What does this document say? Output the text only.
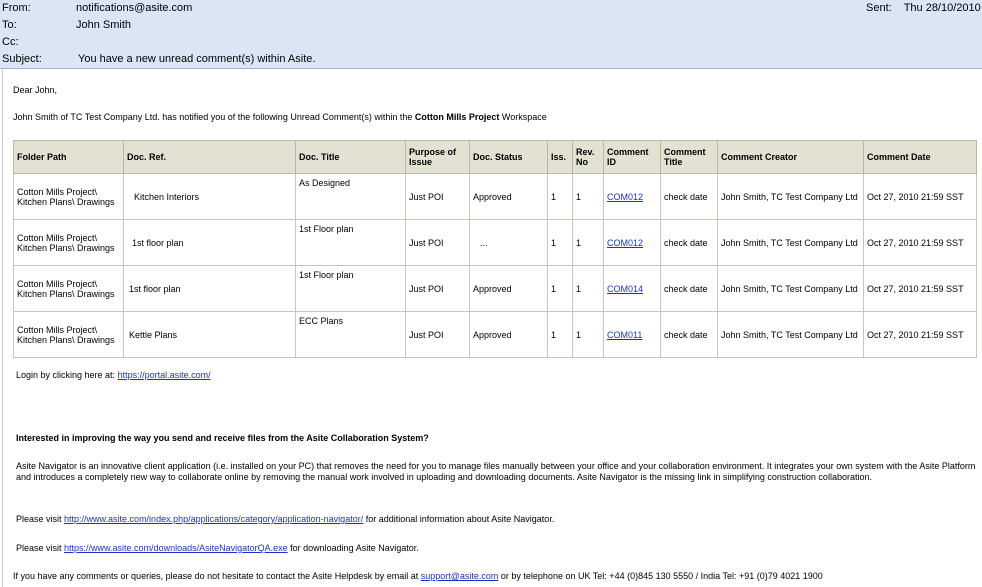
From:	notifications@asite.com	Sent: Thu 28/10/2010
To:	John Smith
Cc:
Subject:	You have a new unread comment(s) within Asite.
Dear John,
John Smith of TC Test Company Ltd. has notified you of the following Unread Comment(s) within the Cotton Mills Project Workspace
Folder Path	Doc. Ref.	Doc. Title	Purpose of Issue	Doc. Status	Iss.	Rev. No	Comment ID	Comment Title	Comment Creator	Comment Date
Cotton Mills Project\ Kitchen Plans\ Drawings	Kitchen Interiors	As Designed	Just POI	Approved	1	1	COM012	check date	John Smith, TC Test Company Ltd	Oct 27, 2010 21:59 SST
Cotton Mills Project\ Kitchen Plans\ Drawings	1st floor plan	1st Floor plan	Just POI	...	1	1	COM012	check date	John Smith, TC Test Company Ltd	Oct 27, 2010 21:59 SST
Cotton Mills Project\ Kitchen Plans\ Drawings	1st floor plan	1st Floor plan	Just POI	Approved	1	1	COM014	check date	John Smith, TC Test Company Ltd	Oct 27, 2010 21:59 SST
Cotton Mills Project\ Kitchen Plans\ Drawings	Kettle Plans	ECC Plans	Just POI	Approved	1	1	COM011	check date	John Smith, TC Test Company Ltd	Oct 27, 2010 21:59 SST
Login by clicking here at: https://portal.asite.com/
Interested in improving the way you send and receive files from the Asite Collaboration System?
Asite Navigator is an innovative client application (i.e. installed on your PC) that removes the need for you to manage files manually between your office and your collaboration environment. It integrates your own system with the Asite Platform and introduces a completely new way to collaborate online by removing the manual work involved in uploading and downloading documents. Asite Navigator is the missing link in simplifying construction collaboration.
Please visit http://www.asite.com/index.php/applications/category/application-navigator/ for additional information about Asite Navigator.
Please visit https://www.asite.com/downloads/AsiteNavigatorQA.exe for downloading Asite Navigator.
If you have any comments or queries, please do not hesitate to contact the Asite Helpdesk by email at support@asite.com or by telephone on UK Tel: +44 (0)845 130 5550 / India Tel: +91 (0)79 4021 1900
